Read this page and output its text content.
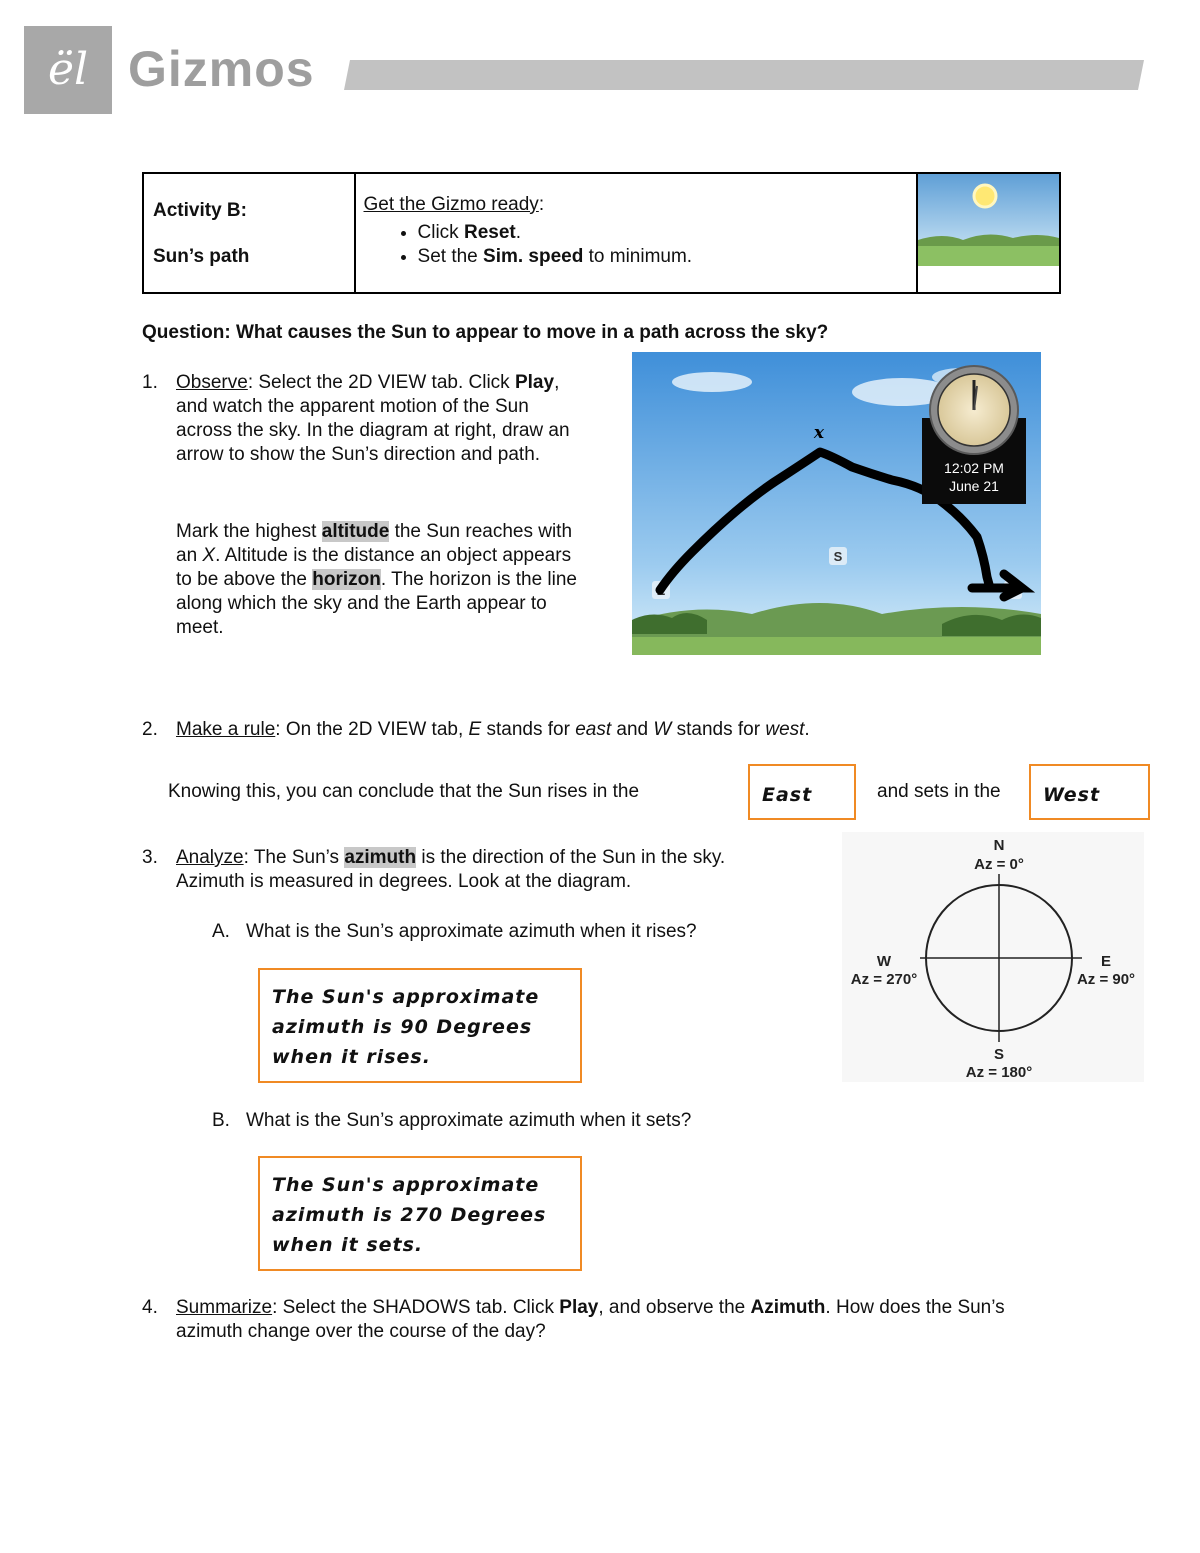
ël Gizmos
Activity B:
Sun’s path

Get the Gizmo ready:
• Click Reset.
• Set the Sim. speed to minimum.

Question: What causes the Sun to appear to move in a path across the sky?
1. Observe: Select the 2D VIEW tab. Click Play, and watch the apparent motion of the Sun across the sky. In the diagram at right, draw an arrow to show the Sun’s direction and path.
Mark the highest altitude the Sun reaches with an X. Altitude is the distance an object appears to be above the horizon. The horizon is the line along which the sky and the Earth appear to meet.
E
S
W
x
12:02 PM
June 21
2. Make a rule: On the 2D VIEW tab, E stands for east and W stands for west.
Knowing this, you can conclude that the Sun rises in the	East	and sets in the West
3. Analyze: The Sun’s azimuth is the direction of the Sun in the sky. Azimuth is measured in degrees. Look at the diagram.
A. What is the Sun’s approximate azimuth when it rises?
The Sun's approximate azimuth is 90 Degrees when it rises.
B. What is the Sun’s approximate azimuth when it sets?
The Sun's approximate azimuth is 270 Degrees when it sets.
N
Az = 0°
W
Az = 270°
E
Az = 90°
S
Az = 180°
4. Summarize: Select the SHADOWS tab. Click Play, and observe the Azimuth. How does the Sun’s azimuth change over the course of the day?
